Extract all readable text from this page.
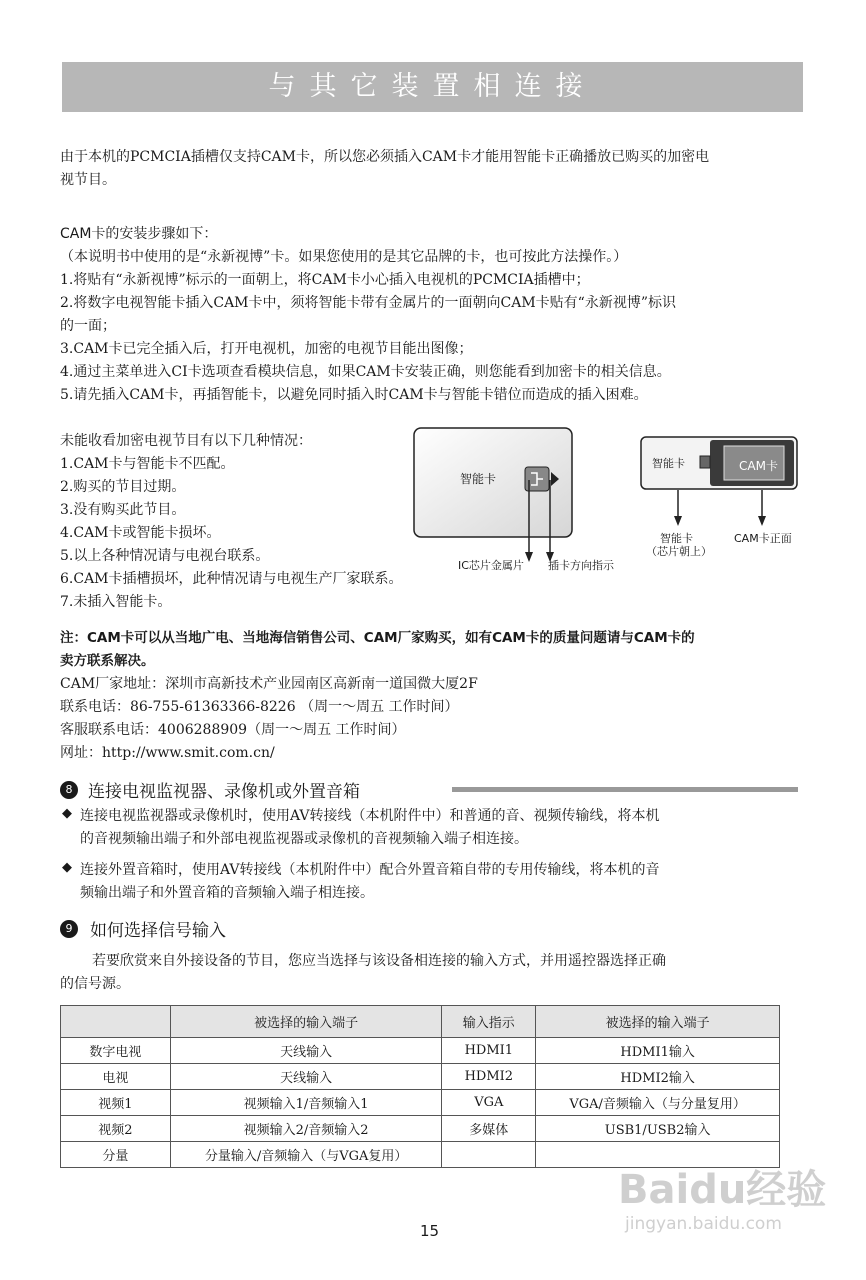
与其它装置相连接
由于本机的PCMCIA插槽仅支持CAM卡，所以您必须插入CAM卡才能用智能卡正确播放已购买的加密电
视节目。
CAM卡的安装步骤如下：
（本说明书中使用的是“永新视博”卡。如果您使用的是其它品牌的卡，也可按此方法操作。）
1.将贴有“永新视博”标示的一面朝上，将CAM卡小心插入电视机的PCMCIA插槽中；
2.将数字电视智能卡插入CAM卡中，须将智能卡带有金属片的一面朝向CAM卡贴有“永新视博”标识
的一面；
3.CAM卡已完全插入后，打开电视机，加密的电视节目能出图像；
4.通过主菜单进入CI卡选项查看模块信息，如果CAM卡安装正确，则您能看到加密卡的相关信息。
5.请先插入CAM卡，再插智能卡，以避免同时插入时CAM卡与智能卡错位而造成的插入困难。
未能收看加密电视节目有以下几种情况：
1.CAM卡与智能卡不匹配。
2.购买的节目过期。
3.没有购买此节目。
4.CAM卡或智能卡损坏。
5.以上各种情况请与电视台联系。
6.CAM卡插槽损坏，此种情况请与电视生产厂家联系。
7.未插入智能卡。
智能卡
IC芯片金属片 插卡方向指示
智能卡	CAM卡
智能卡
（芯片朝上）
CAM卡正面
注：CAM卡可以从当地广电、当地海信销售公司、CAM厂家购买，如有CAM卡的质量问题请与CAM卡的
卖方联系解决。
CAM厂家地址：深圳市高新技术产业园南区高新南一道国微大厦2F
联系电话：86-755-61363366-8226 （周一～周五 工作时间）
客服联系电话：4006288909（周一～周五 工作时间）
网址：http://www.smit.com.cn/
8 连接电视监视器、录像机或外置音箱
◆ 连接电视监视器或录像机时，使用AV转接线（本机附件中）和普通的音、视频传输线，将本机
的音视频输出端子和外部电视监视器或录像机的音视频输入端子相连接。
◆ 连接外置音箱时，使用AV转接线（本机附件中）配合外置音箱自带的专用传输线，将本机的音
频输出端子和外置音箱的音频输入端子相连接。
9	如何选择信号输入
若要欣赏来自外接设备的节目，您应当选择与该设备相连接的输入方式，并用遥控器选择正确
的信号源。
	被选择的输入端子	输入指示	被选择的输入端子
数字电视	天线输入	HDMI1	HDMI1输入
电视	天线输入	HDMI2	HDMI2输入
视频1	视频输入1/音频输入1	VGA	VGA/音频输入（与分量复用）
视频2	视频输入2/音频输入2	多媒体	USB1/USB2输入
分量	分量输入/音频输入（与VGA复用）		
Baidu经验
jingyan.baidu.com
15
